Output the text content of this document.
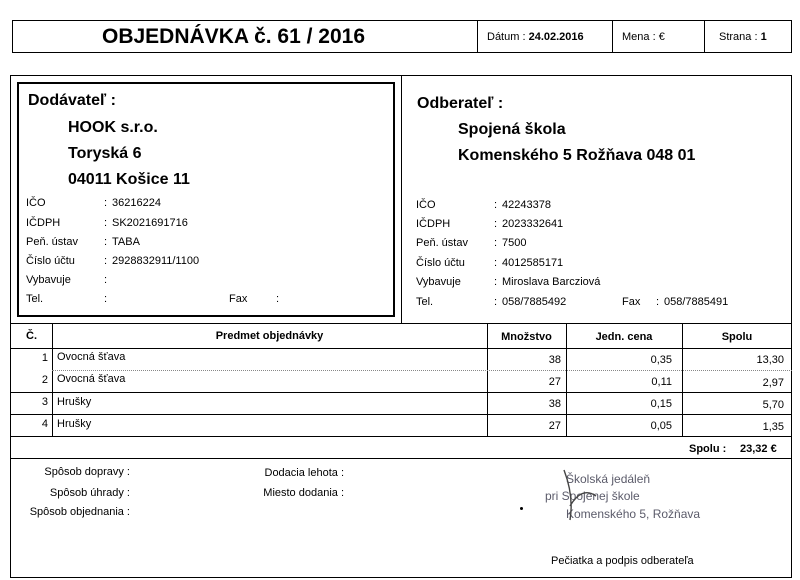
OBJEDNÁVKA č. 61 / 2016	Dátum : 24.02.2016	Mena : €	Strana : 1
Dodávateľ :
HOOK s.r.o.
Toryská 6
04011 Košice 11
IČO	: 36216224
IČDPH	: SK2021691716
Peň. ústav : TABA
Číslo účtu	: 2928832911/1100
Vybavuje	:
Tel.	:	Fax	:
Odberateľ :
Spojená škola
Komenského 5 Rožňava 048 01
IČO	: 42243378
IČDPH	: 2023332641
Peň. ústav : 7500
Číslo účtu	: 4012585171
Vybavuje	: Miroslava Barcziová
Tel.	: 058/7885492	Fax : 058/7885491
Č.	Predmet objednávky	Množstvo	Jedn. cena	Spolu
1 Ovocná šťava	38	0,35	13,30
2 Ovocná šťava	27	0,11	2,97
3 Hrušky	38	0,15	5,70
4 Hrušky	27	0,05	1,35
Spolu : 23,32 €
Spôsob dopravy :
Spôsob úhrady :
Spôsob objednania :
Dodacia lehota :
Miesto dodania :
Školská jedáleň
pri Spojenej škole
Komenského 5, Rožňava
Pečiatka a podpis odberateľa
